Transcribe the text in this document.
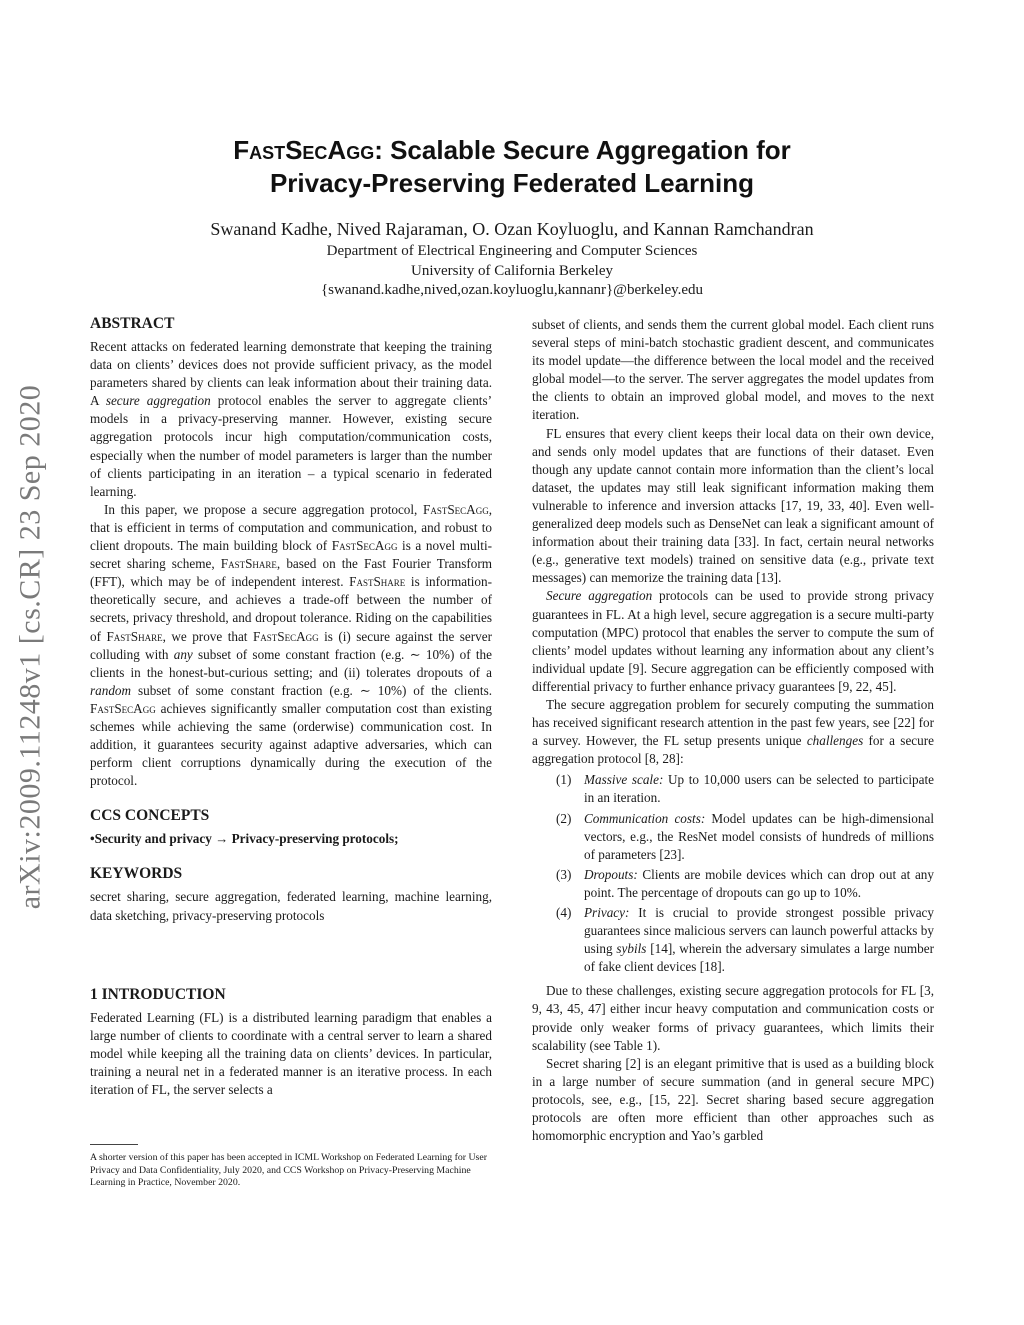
arXiv:2009.11248v1 [cs.CR] 23 Sep 2020
FastSecAgg: Scalable Secure Aggregation for
Privacy-Preserving Federated Learning
Swanand Kadhe, Nived Rajaraman, O. Ozan Koyluoglu, and Kannan Ramchandran
Department of Electrical Engineering and Computer Sciences
University of California Berkeley
{swanand.kadhe,nived,ozan.koyluoglu,kannanr}@berkeley.edu
ABSTRACT

Recent attacks on federated learning demonstrate that keeping the training data on clients’ devices does not provide sufficient privacy, as the model parameters shared by clients can leak information about their training data. A secure aggregation protocol enables the server to aggregate clients’ models in a privacy-preserving manner. However, existing secure aggregation protocols incur high computation/communication costs, especially when the number of model parameters is larger than the number of clients participating in an iteration – a typical scenario in federated learning.

In this paper, we propose a secure aggregation protocol, FastSecAgg, that is efficient in terms of computation and communication, and robust to client dropouts. The main building block of FastSecAgg is a novel multi-secret sharing scheme, FastShare, based on the Fast Fourier Transform (FFT), which may be of independent interest. FastShare is information-theoretically secure, and achieves a trade-off between the number of secrets, privacy threshold, and dropout tolerance. Riding on the capabilities of FastShare, we prove that FastSecAgg is (i) secure against the server colluding with any subset of some constant fraction (e.g. ∼ 10%) of the clients in the honest-but-curious setting; and (ii) tolerates dropouts of a random subset of some constant fraction (e.g. ∼ 10%) of the clients. FastSecAgg achieves significantly smaller computation cost than existing schemes while achieving the same (orderwise) communication cost. In addition, it guarantees security against adaptive adversaries, which can perform client corruptions dynamically during the execution of the protocol.

CCS CONCEPTS

•Security and privacy → Privacy-preserving protocols;

KEYWORDS

secret sharing, secure aggregation, federated learning, machine learning, data sketching, privacy-preserving protocols

1 INTRODUCTION

Federated Learning (FL) is a distributed learning paradigm that enables a large number of clients to coordinate with a central server to learn a shared model while keeping all the training data on clients’ devices. In particular, training a neural net in a federated manner is an iterative process. In each iteration of FL, the server selects a

A shorter version of this paper has been accepted in ICML Workshop on Federated Learning for User Privacy and Data Confidentiality, July 2020, and CCS Workshop on Privacy-Preserving Machine Learning in Practice, November 2020.

subset of clients, and sends them the current global model. Each client runs several steps of mini-batch stochastic gradient descent, and communicates its model update—the difference between the local model and the received global model—to the server. The server aggregates the model updates from the clients to obtain an improved global model, and moves to the next iteration.

FL ensures that every client keeps their local data on their own device, and sends only model updates that are functions of their dataset. Even though any update cannot contain more information than the client’s local dataset, the updates may still leak significant information making them vulnerable to inference and inversion attacks [17, 19, 33, 40]. Even well-generalized deep models such as DenseNet can leak a significant amount of information about their training data [33]. In fact, certain neural networks (e.g., generative text models) trained on sensitive data (e.g., private text messages) can memorize the training data [13].

Secure aggregation protocols can be used to provide strong privacy guarantees in FL. At a high level, secure aggregation is a secure multi-party computation (MPC) protocol that enables the server to compute the sum of clients’ model updates without learning any information about any client’s individual update [9]. Secure aggregation can be efficiently composed with differential privacy to further enhance privacy guarantees [9, 22, 45].

The secure aggregation problem for securely computing the summation has received significant research attention in the past few years, see [22] for a survey. However, the FL setup presents unique challenges for a secure aggregation protocol [8, 28]:

(1) Massive scale: Up to 10,000 users can be selected to participate in an iteration.
(2) Communication costs: Model updates can be high-dimensional vectors, e.g., the ResNet model consists of hundreds of millions of parameters [23].
(3) Dropouts: Clients are mobile devices which can drop out at any point. The percentage of dropouts can go up to 10%.
(4) Privacy: It is crucial to provide strongest possible privacy guarantees since malicious servers can launch powerful attacks by using sybils [14], wherein the adversary simulates a large number of fake client devices [18].

Due to these challenges, existing secure aggregation protocols for FL [3, 9, 43, 45, 47] either incur heavy computation and communication costs or provide only weaker forms of privacy guarantees, which limits their scalability (see Table 1).

Secret sharing [2] is an elegant primitive that is used as a building block in a large number of secure summation (and in general secure MPC) protocols, see, e.g., [15, 22]. Secret sharing based secure aggregation protocols are often more efficient than other approaches such as homomorphic encryption and Yao’s garbled
